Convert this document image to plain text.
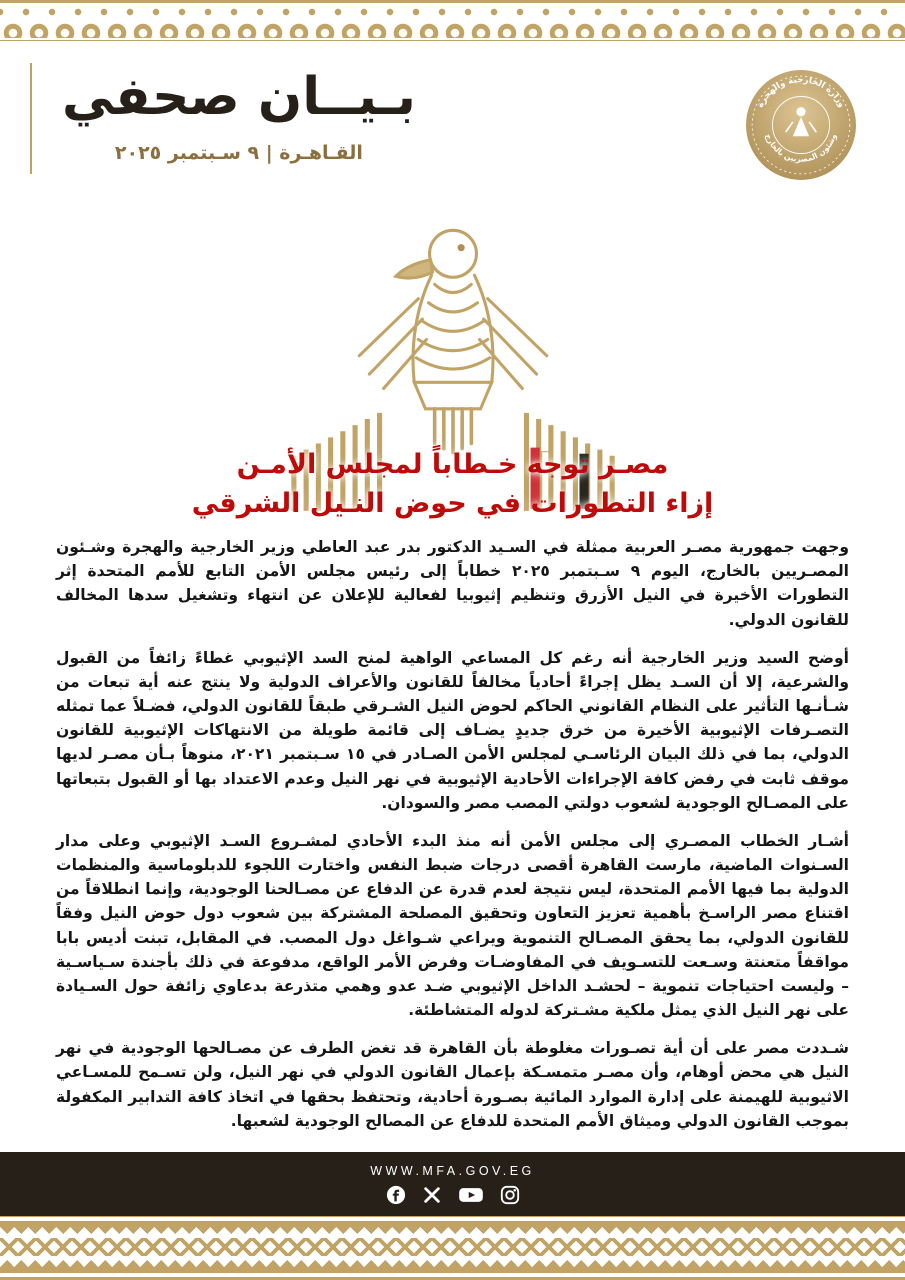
بـيــان صحفي
القـاهـرة | ٩ سـبتمبر ٢٠٢٥
وزارة الخارجية والهجرة
وشئون المصريين بالخارج
مصـر توجه خـطاباً لمجلس الأمـن
إزاء التطورات في حوض النـيل الشرقي

وجهت جمهورية مصـر العربية ممثلة في السـيد الدكتور بدر عبد العاطي وزير الخارجية والهجرة وشـئون المصـريين بالخارج، اليوم ٩ سـبتمبر ٢٠٢٥ خطاباً إلى رئيس مجلس الأمن التابع للأمم المتحدة إثر التطورات الأخيرة في النيل الأزرق وتنظيم إثيوبيا لفعالية للإعلان عن انتهاء وتشغيل سدها المخالف للقانون الدولي.

أوضح السيد وزير الخارجية أنه رغم كل المساعي الواهية لمنح السد الإثيوبي غطاءً زائفاً من القبول والشرعية، إلا أن السـد يظل إجراءً أحادياً مخالفاً للقانون والأعراف الدولية ولا ينتج عنه أية تبعات من شـأنـها التأثير على النظام القانوني الحاكم لحوض النيل الشـرقي طبقاً للقانون الدولي، فضـلاً عما تمثله التصـرفات الإثيوبية الأخيرة من خرق جديدٍ يضـاف إلى قائمة طويلة من الانتهاكات الإثيوبية للقانون الدولي، بما في ذلك البيان الرئاسـي لمجلس الأمن الصـادر في ١٥ سـبتمبر ٢٠٢١، منوهاً بـأن مصـر لديها موقف ثابت في رفض كافة الإجراءات الأحادية الإثيوبية في نهر النيل وعدم الاعتداد بها أو القبول بتبعاتها على المصـالح الوجودية لشعوب دولتي المصب مصر والسودان.

أشـار الخطاب المصـري إلى مجلس الأمن أنه منذ البدء الأحادي لمشـروع السـد الإثيوبي وعلى مدار السـنوات الماضية، مارست القاهرة أقصى درجات ضبط النفس واختارت اللجوء للدبلوماسية والمنظمات الدولية بما فيها الأمم المتحدة، ليس نتيجة لعدم قدرة عن الدفاع عن مصـالحنا الوجودية، وإنما انطلاقاً من اقتناع مصر الراسـخ بأهمية تعزيز التعاون وتحقيق المصلحة المشتركة بين شعوب دول حوض النيل وفقاً للقانون الدولي، بما يحقق المصـالح التنموية ويراعي شـواغل دول المصب. في المقابل، تبنت أديس بابا مواقفاً متعنتة وسـعت للتسـويف في المفاوضـات وفرض الأمر الواقع، مدفوعة في ذلك بأجندة سـياسـية – وليست احتياجات تنموية – لحشـد الداخل الإثيوبي ضـد عدو وهمي متذرعة بدعاوي زائفة حول السـيادة على نهر النيل الذي يمثل ملكية مشـتركة لدوله المتشاطئة.

شـددت مصر على أن أية تصـورات مغلوطة بأن القاهرة قد تغض الطرف عن مصـالحها الوجودية في نهر النيل هي محض أوهام، وأن مصـر متمسـكة بإعمال القانون الدولي في نهر النيل، ولن تسـمح للمسـاعي الاثيوبية للهيمنة على إدارة الموارد المائية بصـورة أحادية، وتحتفظ بحقها في اتخاذ كافة التدابير المكفولة بموجب القانون الدولي وميثاق الأمم المتحدة للدفاع عن المصالح الوجودية لشعبها.

WWW.MFA.GOV.EG
